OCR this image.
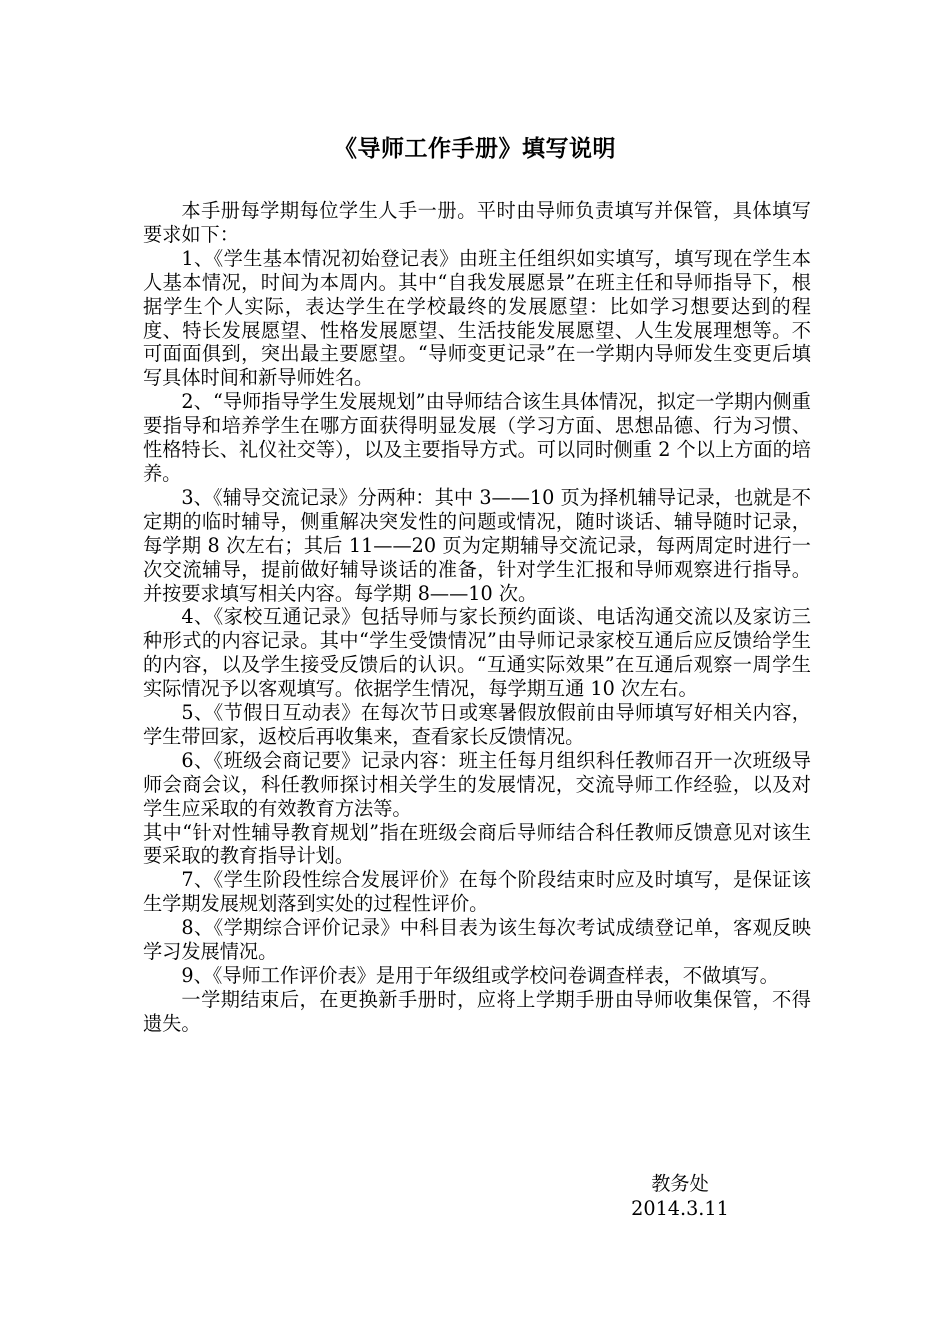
《导师工作手册》填写说明

本手册每学期每位学生人手一册。平时由导师负责填写并保管，具体填写要求如下：

1、《学生基本情况初始登记表》由班主任组织如实填写，填写现在学生本人基本情况，时间为本周内。其中“自我发展愿景”在班主任和导师指导下，根据学生个人实际，表达学生在学校最终的发展愿望：比如学习想要达到的程度、特长发展愿望、性格发展愿望、生活技能发展愿望、人生发展理想等。不可面面俱到，突出最主要愿望。“导师变更记录”在一学期内导师发生变更后填写具体时间和新导师姓名。

2、“导师指导学生发展规划”由导师结合该生具体情况，拟定一学期内侧重要指导和培养学生在哪方面获得明显发展（学习方面、思想品德、行为习惯、性格特长、礼仪社交等），以及主要指导方式。可以同时侧重 2 个以上方面的培养。

3、《辅导交流记录》分两种：其中 3——10 页为择机辅导记录，也就是不定期的临时辅导，侧重解决突发性的问题或情况，随时谈话、辅导随时记录，每学期 8 次左右；其后 11——20 页为定期辅导交流记录，每两周定时进行一次交流辅导，提前做好辅导谈话的准备，针对学生汇报和导师观察进行指导。并按要求填写相关内容。每学期 8——10 次。

4、《家校互通记录》包括导师与家长预约面谈、电话沟通交流以及家访三种形式的内容记录。其中“学生受馈情况”由导师记录家校互通后应反馈给学生的内容，以及学生接受反馈后的认识。“互通实际效果”在互通后观察一周学生实际情况予以客观填写。依据学生情况，每学期互通 10 次左右。

5、《节假日互动表》在每次节日或寒暑假放假前由导师填写好相关内容，学生带回家，返校后再收集来，查看家长反馈情况。

6、《班级会商记要》记录内容：班主任每月组织科任教师召开一次班级导师会商会议，科任教师探讨相关学生的发展情况，交流导师工作经验，以及对学生应采取的有效教育方法等。

其中“针对性辅导教育规划”指在班级会商后导师结合科任教师反馈意见对该生要采取的教育指导计划。

7、《学生阶段性综合发展评价》在每个阶段结束时应及时填写，是保证该生学期发展规划落到实处的过程性评价。

8、《学期综合评价记录》中科目表为该生每次考试成绩登记单，客观反映学习发展情况。

9、《导师工作评价表》是用于年级组或学校问卷调查样表，不做填写。

一学期结束后，在更换新手册时，应将上学期手册由导师收集保管，不得遗失。

教务处
2014.3.11
